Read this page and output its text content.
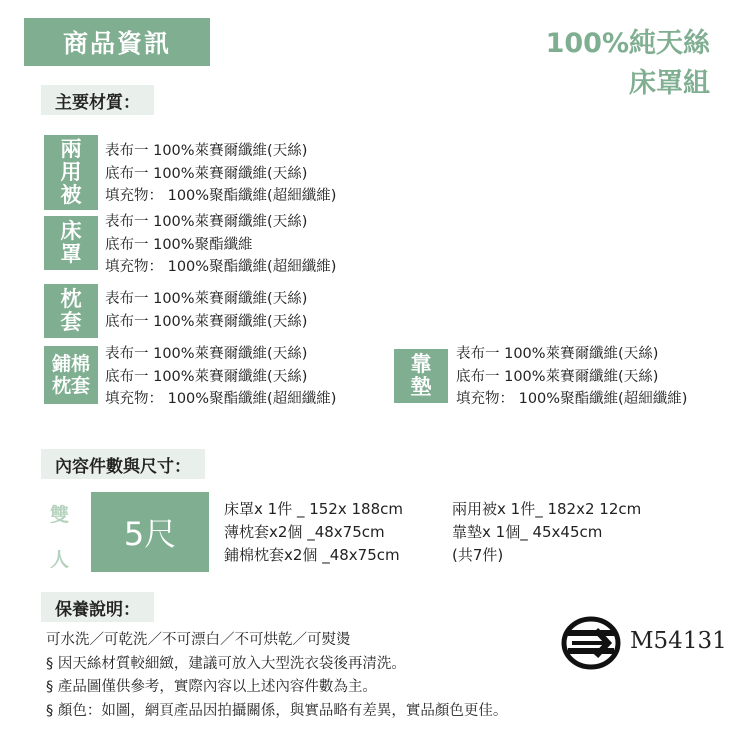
商品資訊	100%純天絲
床罩組
主要材質：
兩
用
被
表布一 100%萊賽爾纖維(天絲)
底布一 100%萊賽爾纖維(天絲)
填充物： 100%聚酯纖維(超細纖維)
床
罩
表布一 100%萊賽爾纖維(天絲)
底布一 100%聚酯纖維
填充物： 100%聚酯纖維(超細纖維)
枕
套
表布一 100%萊賽爾纖維(天絲)
底布一 100%萊賽爾纖維(天絲)
鋪棉
枕套
表布一 100%萊賽爾纖維(天絲)
底布一 100%萊賽爾纖維(天絲)
填充物： 100%聚酯纖維(超細纖維)
靠
墊
表布一 100%萊賽爾纖維(天絲)
底布一 100%萊賽爾纖維(天絲)
填充物： 100%聚酯纖維(超細纖維)
內容件數與尺寸：
雙
人
5尺
床罩x 1件 _ 152x 188cm
薄枕套x2個 _48x75cm
鋪棉枕套x2個 _48x75cm
兩用被x 1件_ 182x2 12cm
靠墊x 1個_ 45x45cm
(共7件)
保養說明：
可水洗／可乾洗／不可漂白／不可烘乾／可熨燙
§ 因天絲材質較細緻，建議可放入大型洗衣袋後再清洗。
§ 產品圖僅供參考，實際內容以上述內容件數為主。
§ 顏色：如圖，網頁產品因拍攝關係，與實品略有差異，實品顏色更佳。
M54131
